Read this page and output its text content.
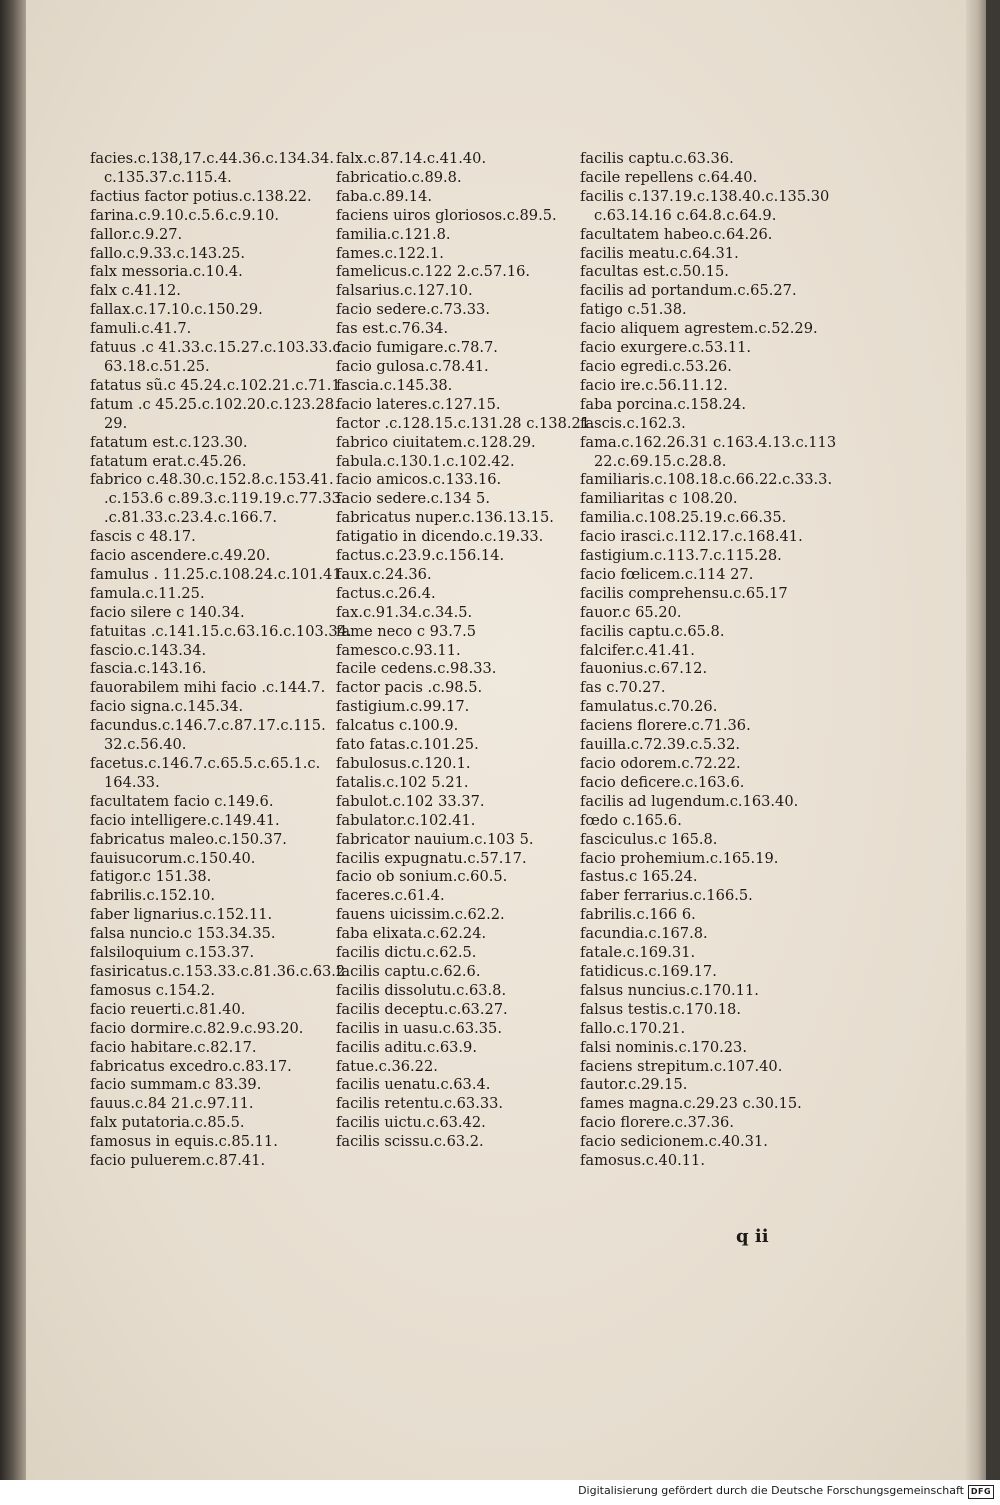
facies.c.138,17.c.44.36.c.134.34.
c.135.37.c.115.4.
factius factor potius.c.138.22.
farina.c.9.10.c.5.6.c.9.10.
fallor.c.9.27.
fallo.c.9.33.c.143.25.
falx messoria.c.10.4.
falx c.41.12.
fallax.c.17.10.c.150.29.
famuli.c.41.7.
fatuus .c 41.33.c.15.27.c.103.33.c.
63.18.c.51.25.
fatatus sũ.c 45.24.c.102.21.c.71.1.
fatum .c 45.25.c.102.20.c.123.28.
29.
fatatum est.c.123.30.
fatatum erat.c.45.26.
fabrico c.48.30.c.152.8.c.153.41.
.c.153.6 c.89.3.c.119.19.c.77.33.
.c.81.33.c.23.4.c.166.7.
fascis c 48.17.
facio ascendere.c.49.20.
famulus . 11.25.c.108.24.c.101.41.
famula.c.11.25.
facio silere c 140.34.
fatuitas .c.141.15.c.63.16.c.103.34.
fascio.c.143.34.
fascia.c.143.16.
fauorabilem mihi facio .c.144.7.
facio signa.c.145.34.
facundus.c.146.7.c.87.17.c.115.
32.c.56.40.
facetus.c.146.7.c.65.5.c.65.1.c.
164.33.
facultatem facio c.149.6.
facio intelligere.c.149.41.
fabricatus maleo.c.150.37.
fauisucorum.c.150.40.
fatigor.c 151.38.
fabrilis.c.152.10.
faber lignarius.c.152.11.
falsa nuncio.c 153.34.35.
falsiloquium c.153.37.
fasiricatus.c.153.33.c.81.36.c.63.2.
famosus c.154.2.
facio reuerti.c.81.40.
facio dormire.c.82.9.c.93.20.
facio habitare.c.82.17.
fabricatus excedro.c.83.17.
facio summam.c 83.39.
fauus.c.84 21.c.97.11.
falx putatoria.c.85.5.
famosus in equis.c.85.11.
facio puluerem.c.87.41.
falx.c.87.14.c.41.40.
fabricatio.c.89.8.
faba.c.89.14.
faciens uiros gloriosos.c.89.5.
familia.c.121.8.
fames.c.122.1.
famelicus.c.122 2.c.57.16.
falsarius.c.127.10.
facio sedere.c.73.33.
fas est.c.76.34.
facio fumigare.c.78.7.
facio gulosa.c.78.41.
fascia.c.145.38.
facio lateres.c.127.15.
factor .c.128.15.c.131.28 c.138.21.
fabrico ciuitatem.c.128.29.
fabula.c.130.1.c.102.42.
facio amicos.c.133.16.
facio sedere.c.134 5.
fabricatus nuper.c.136.13.15.
fatigatio in dicendo.c.19.33.
factus.c.23.9.c.156.14.
faux.c.24.36.
factus.c.26.4.
fax.c.91.34.c.34.5.
fame neco c 93.7.5
famesco.c.93.11.
facile cedens.c.98.33.
factor pacis .c.98.5.
fastigium.c.99.17.
falcatus c.100.9.
fato fatas.c.101.25.
fabulosus.c.120.1.
fatalis.c.102 5.21.
fabulot.c.102 33.37.
fabulator.c.102.41.
fabricator nauium.c.103 5.
facilis expugnatu.c.57.17.
facio ob sonium.c.60.5.
faceres.c.61.4.
fauens uicissim.c.62.2.
faba elixata.c.62.24.
facilis dictu.c.62.5.
facilis captu.c.62.6.
facilis dissolutu.c.63.8.
facilis deceptu.c.63.27.
facilis in uasu.c.63.35.
facilis aditu.c.63.9.
fatue.c.36.22.
facilis uenatu.c.63.4.
facilis retentu.c.63.33.
facilis uictu.c.63.42.
facilis scissu.c.63.2.
facilis captu.c.63.36.
facile repellens c.64.40.
facilis c.137.19.c.138.40.c.135.30
c.63.14.16 c.64.8.c.64.9.
facultatem habeo.c.64.26.
facilis meatu.c.64.31.
facultas est.c.50.15.
facilis ad portandum.c.65.27.
fatigo c.51.38.
facio aliquem agrestem.c.52.29.
facio exurgere.c.53.11.
facio egredi.c.53.26.
facio ire.c.56.11.12.
faba porcina.c.158.24.
fascis.c.162.3.
fama.c.162.26.31 c.163.4.13.c.113
22.c.69.15.c.28.8.
familiaris.c.108.18.c.66.22.c.33.3.
familiaritas c 108.20.
familia.c.108.25.19.c.66.35.
facio irasci.c.112.17.c.168.41.
fastigium.c.113.7.c.115.28.
facio fœlicem.c.114 27.
facilis comprehensu.c.65.17
fauor.c 65.20.
facilis captu.c.65.8.
falcifer.c.41.41.
fauonius.c.67.12.
fas c.70.27.
famulatus.c.70.26.
faciens florere.c.71.36.
fauilla.c.72.39.c.5.32.
facio odorem.c.72.22.
facio deficere.c.163.6.
facilis ad lugendum.c.163.40.
fœdo c.165.6.
fasciculus.c 165.8.
facio prohemium.c.165.19.
fastus.c 165.24.
faber ferrarius.c.166.5.
fabrilis.c.166 6.
facundia.c.167.8.
fatale.c.169.31.
fatidicus.c.169.17.
falsus nuncius.c.170.11.
falsus testis.c.170.18.
fallo.c.170.21.
falsi nominis.c.170.23.
faciens strepitum.c.107.40.
fautor.c.29.15.
fames magna.c.29.23 c.30.15.
facio florere.c.37.36.
facio sedicionem.c.40.31.
famosus.c.40.11.
q ii
Digitalisierung gefördert durch die Deutsche Forschungsgemeinschaft DFG
